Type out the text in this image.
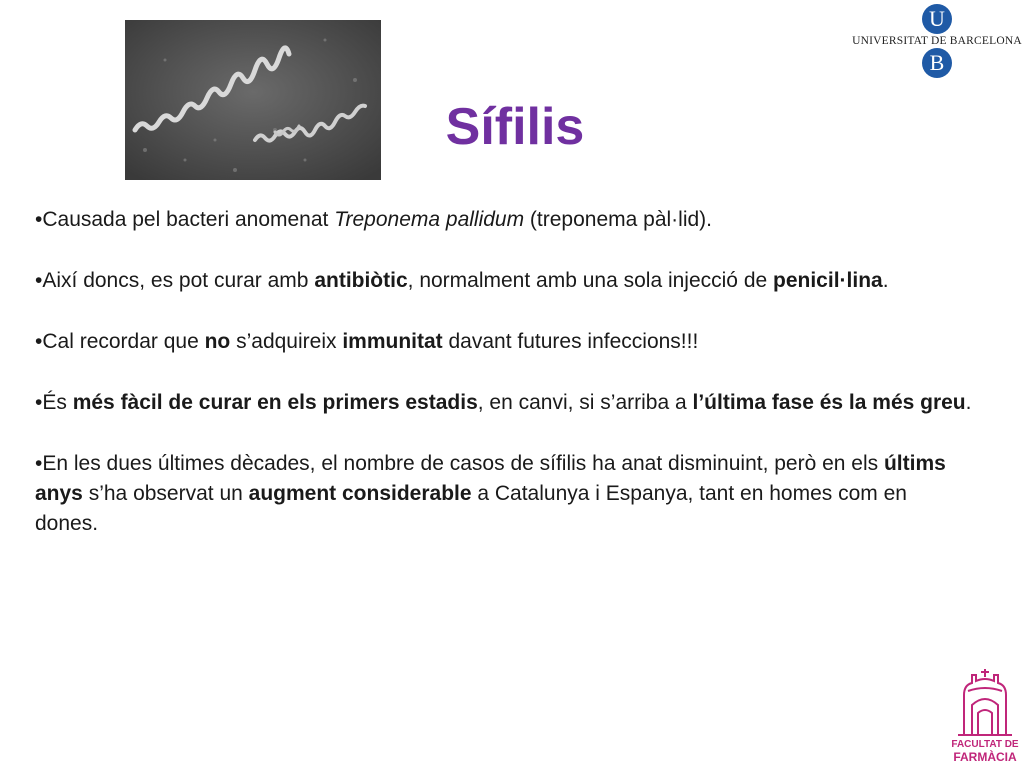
Sífilis
U
UNIVERSITAT DE BARCELONA
B

•Causada pel bacteri anomenat Treponema pallidum (treponema pàl·lid).

•Així doncs, es pot curar amb antibiòtic, normalment amb una sola injecció de penicil·lina.

•Cal recordar que no s’adquireix immunitat davant futures infeccions!!!

•És més fàcil de curar en els primers estadis, en canvi, si s’arriba a l’última fase és la més greu.

•En les dues últimes dècades, el nombre de casos de sífilis ha anat disminuint, però en els últims anys s’ha observat un augment considerable a Catalunya i Espanya, tant en homes com en dones.

FACULTAT DE
FARMÀCIA
